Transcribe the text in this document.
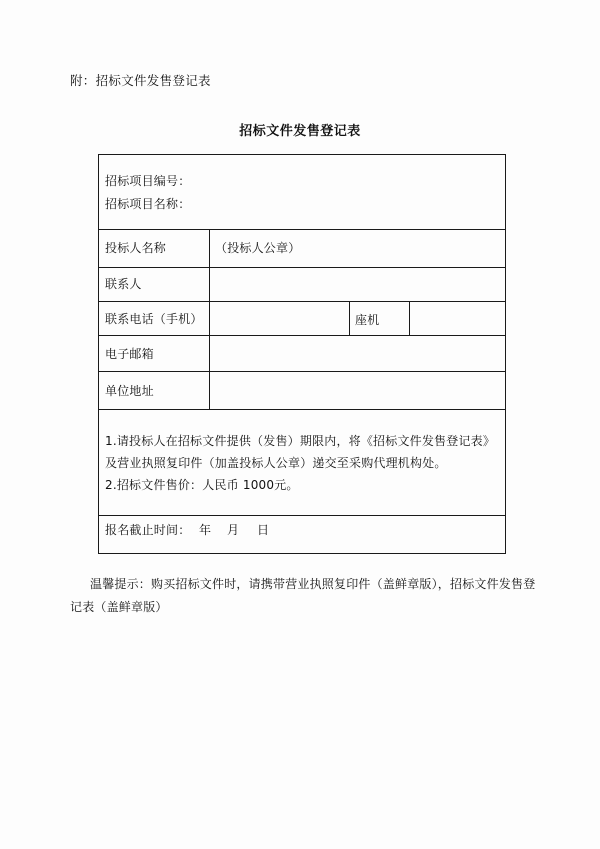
附：招标文件发售登记表
招标文件发售登记表
招标项目编号：
招标项目名称：
投标人名称	（投标人公章）
联系人
联系电话（手机）	座机
电子邮箱
单位地址

1.请投标人在招标文件提供（发售）期限内，将《招标文件发售登记表》及营业执照复印件（加盖投标人公章）递交至采购代理机构处。

2.招标文件售价：人民币 1000元。

报名截止时间： 年 月 日
温馨提示：购买招标文件时，请携带营业执照复印件（盖鲜章版），招标文件发售登记表（盖鲜章版）
